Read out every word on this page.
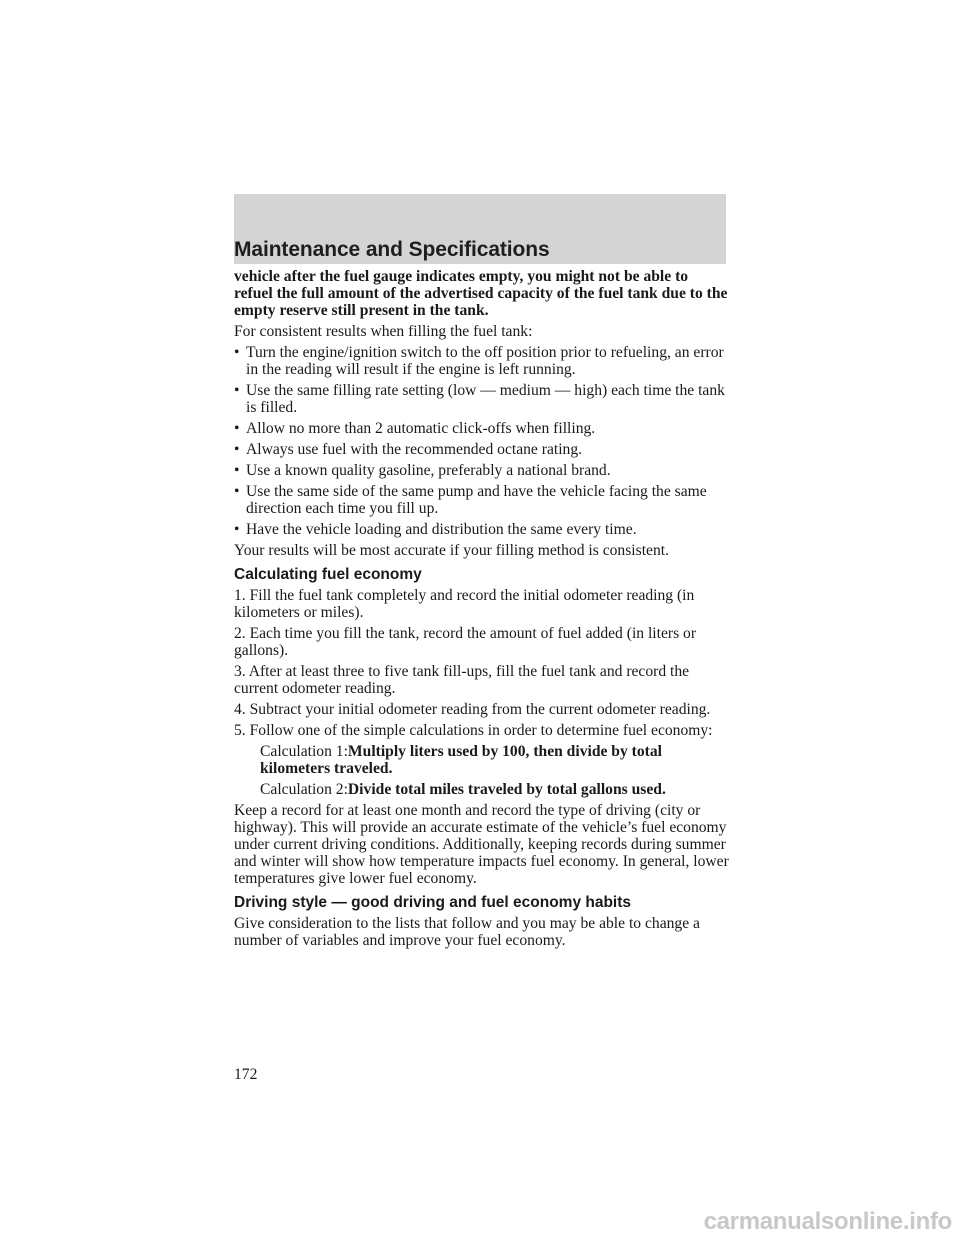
Maintenance and Specifications

vehicle after the fuel gauge indicates empty, you might not be able to refuel the full amount of the advertised capacity of the fuel tank due to the empty reserve still present in the tank.

For consistent results when filling the fuel tank:

• Turn the engine/ignition switch to the off position prior to refueling, an error in the reading will result if the engine is left running.
• Use the same filling rate setting (low — medium — high) each time the tank is filled.
• Allow no more than 2 automatic click-offs when filling.
• Always use fuel with the recommended octane rating.
• Use a known quality gasoline, preferably a national brand.
• Use the same side of the same pump and have the vehicle facing the same direction each time you fill up.
• Have the vehicle loading and distribution the same every time.

Your results will be most accurate if your filling method is consistent.

Calculating fuel economy

1. Fill the fuel tank completely and record the initial odometer reading (in kilometers or miles).

2. Each time you fill the tank, record the amount of fuel added (in liters or gallons).

3. After at least three to five tank fill-ups, fill the fuel tank and record the current odometer reading.

4. Subtract your initial odometer reading from the current odometer reading.

5. Follow one of the simple calculations in order to determine fuel economy:

Calculation 1:Multiply liters used by 100, then divide by total kilometers traveled.

Calculation 2:Divide total miles traveled by total gallons used.

Keep a record for at least one month and record the type of driving (city or highway). This will provide an accurate estimate of the vehicle’s fuel economy under current driving conditions. Additionally, keeping records during summer and winter will show how temperature impacts fuel economy. In general, lower temperatures give lower fuel economy.

Driving style — good driving and fuel economy habits

Give consideration to the lists that follow and you may be able to change a number of variables and improve your fuel economy.

172
carmanualsonline.info
